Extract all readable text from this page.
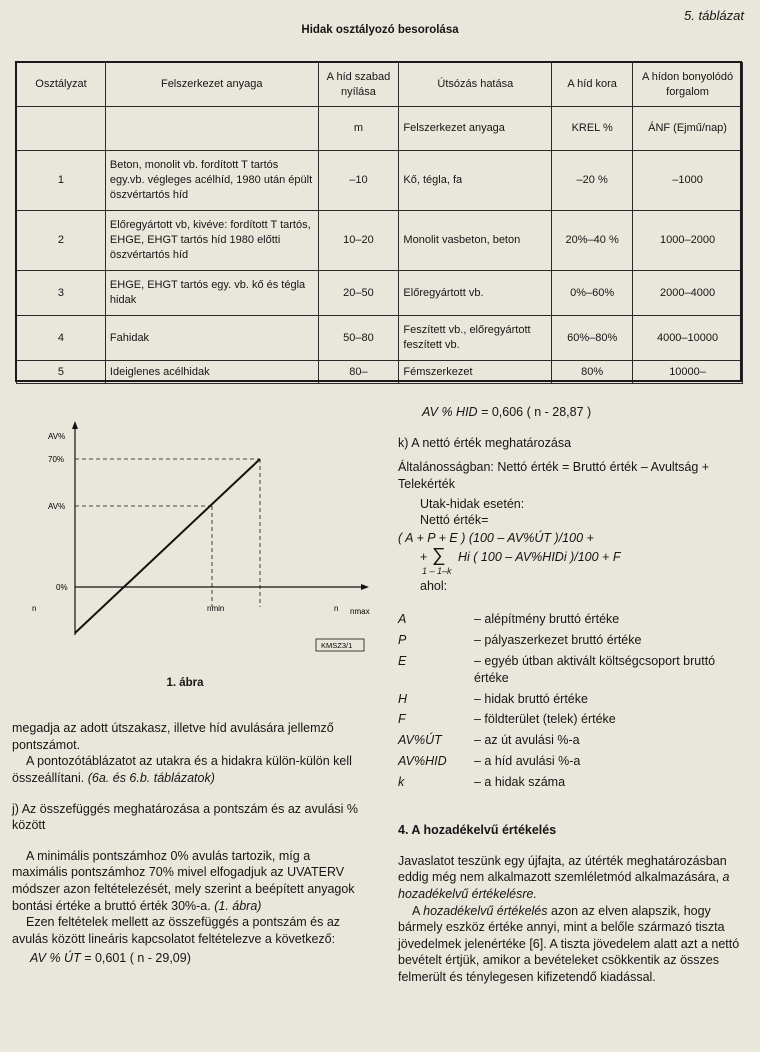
5. táblázat
Hidak osztályozó besorolása
Osztályzat	Felszerkezet anyaga	A híd szabad nyílása	Útsózás hatása	A híd kora	A hídon bonyolódó forgalom
		m	Felszerkezet anyaga	KREL %	ÁNF (Ejmű/nap)
1	Beton, monolit vb. fordított T tartós egy.vb. végleges acélhíd, 1980 után épült öszvértartós híd	–10	Kő, tégla, fa	–20 %	–1000
2	Előregyártott vb, kivéve: fordított T tartós, EHGE, EHGT tartós híd 1980 előtti öszvértartós híd	10–20	Monolit vasbeton, beton	20%–40 %	1000–2000
3	EHGE, EHGT tartós egy. vb. kő és tégla hidak	20–50	Előregyártott vb.	0%–60%	2000–4000
4	Fahidak	50–80	Feszített vb., előregyártott feszített vb.	60%–80%	4000–10000
5	Ideiglenes acélhidak	80–	Fémszerkezet	80%	10000–
AV%
70%
AV%
0%
n	nmin	n nmax
KMSZ3/1
1. ábra

megadja az adott útszakasz, illetve híd avulására jellemző pontszámot.

A pontozótáblázatot az utakra és a hidakra külön-külön kell összeállítani. (6a. és 6.b. táblázatok)

j) Az összefüggés meghatározása a pontszám és az avulási % között

A minimális pontszámhoz 0% avulás tartozik, míg a maximális pontszámhoz 70% mivel elfogadjuk az UVATERV módszer azon feltételezését, mely szerint a beépített anyagok bontási értéke a bruttó érték 30%-a. (1. ábra)

Ezen feltételek mellett az összefüggés a pontszám és az avulás között lineáris kapcsolatot feltételezve a következő:

AV % ÚT = 0,601 ( n - 29,09)

AV % HID = 0,606 ( n - 28,87 )

k) A nettó érték meghatározása

Általánosságban: Nettó érték = Bruttó érték – Avultság + Telekérték

Utak-hidak esetén:

Nettó érték=

( A + P + E ) (100 – AV%ÚT )/100 +

+ ∑ Hi ( 100 – AV%HIDi )/100 + F
1 – 1–k

ahol:

A	– alépítmény bruttó értéke
P	– pályaszerkezet bruttó értéke
E	– egyéb útban aktivált költségcsoport bruttó értéke
H	– hidak bruttó értéke
F	– földterület (telek) értéke
AV%ÚT	– az út avulási %-a
AV%HID	– a híd avulási %-a
k	– a hidak száma

4. A hozadékelvű értékelés

Javaslatot teszünk egy újfajta, az útérték meghatározásban eddig még nem alkalmazott szemléletmód alkalmazására, a hozadékelvű értékelésre.

A hozadékelvű értékelés azon az elven alapszik, hogy bármely eszköz értéke annyi, mint a belőle származó tiszta jövedelmek jelenértéke [6]. A tiszta jövedelem alatt azt a nettó bevételt értjük, amikor a bevételeket csökkentik az összes felmerült és ténylegesen kifizetendő kiadással.
